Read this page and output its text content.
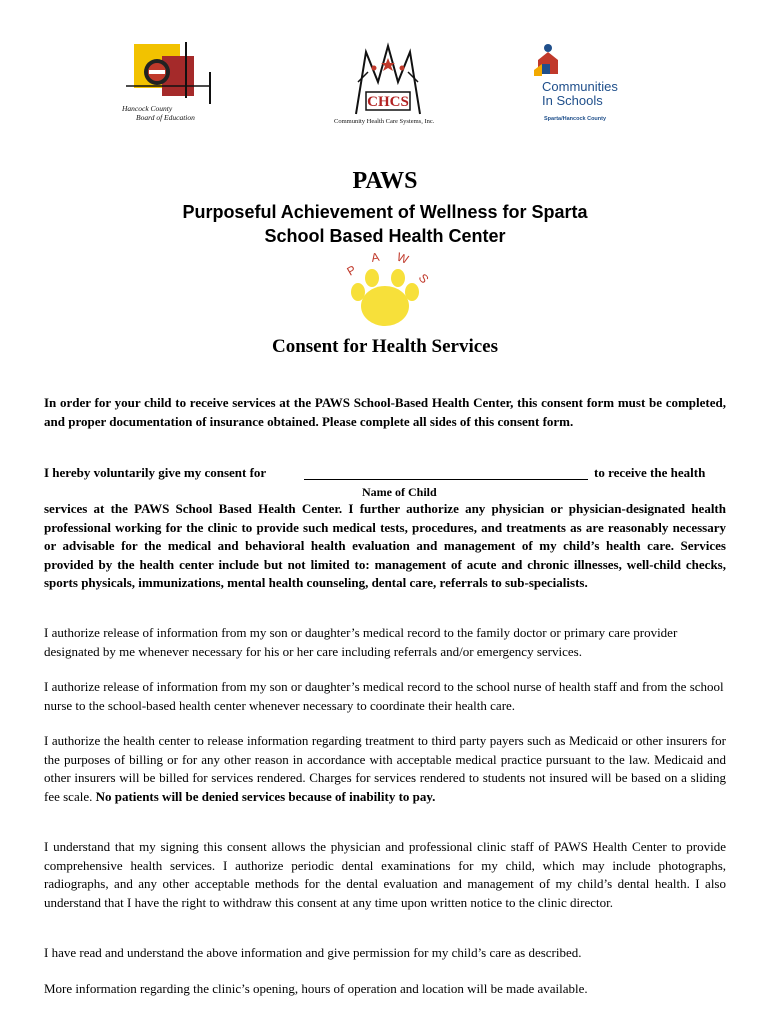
Hancock County
Board of Education
CHCS
Community Health Care Systems, Inc.
Communities
In Schools
Sparta/Hancock County
PAWS
Purposeful Achievement of Wellness for Sparta
School Based Health Center
P
A W
S
Consent for Health Services
In order for your child to receive services at the PAWS School-Based Health Center, this consent form must be completed, and proper documentation of insurance obtained. Please complete all sides of this consent form.
I hereby voluntarily give my consent for	to receive the health
Name of Child
services at the PAWS School Based Health Center. I further authorize any physician or physician-designated health professional working for the clinic to provide such medical tests, procedures, and treatments as are reasonably necessary or advisable for the medical and behavioral health evaluation and management of my child’s health care. Services provided by the health center include but not limited to: management of acute and chronic illnesses, well-child checks, sports physicals, immunizations, mental health counseling, dental care, referrals to sub-specialists.
I authorize release of information from my son or daughter’s medical record to the family doctor or primary care provider designated by me whenever necessary for his or her care including referrals and/or emergency services.
I authorize release of information from my son or daughter’s medical record to the school nurse of health staff and from the school nurse to the school-based health center whenever necessary to coordinate their health care.
I authorize the health center to release information regarding treatment to third party payers such as Medicaid or other insurers for the purposes of billing or for any other reason in accordance with acceptable medical practice pursuant to the law. Medicaid and other insurers will be billed for services rendered. Charges for services rendered to students not insured will be based on a sliding fee scale. No patients will be denied services because of inability to pay.
I understand that my signing this consent allows the physician and professional clinic staff of PAWS Health Center to provide comprehensive health services. I authorize periodic dental examinations for my child, which may include photographs, radiographs, and any other acceptable methods for the dental evaluation and management of my child’s dental health. I also understand that I have the right to withdraw this consent at any time upon written notice to the clinic director.
I have read and understand the above information and give permission for my child’s care as described.
More information regarding the clinic’s opening, hours of operation and location will be made available.
